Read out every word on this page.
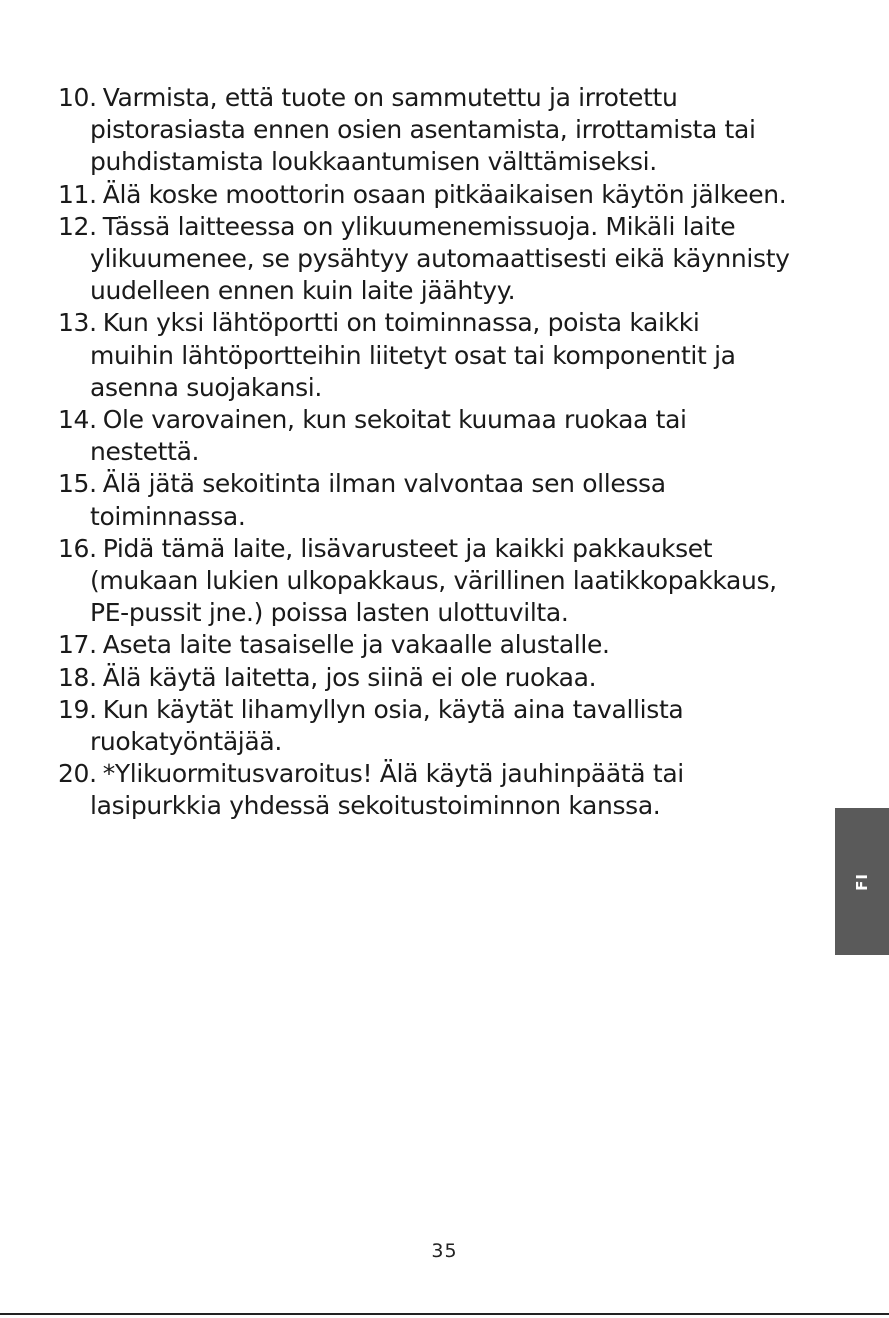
10. Varmista, että tuote on sammutettu ja irrotettu
pistorasiasta ennen osien asentamista, irrottamista tai
puhdistamista loukkaantumisen välttämiseksi.
11. Älä koske moottorin osaan pitkäaikaisen käytön jälkeen.
12. Tässä laitteessa on ylikuumenemissuoja. Mikäli laite
ylikuumenee, se pysähtyy automaattisesti eikä käynnisty
uudelleen ennen kuin laite jäähtyy.
13. Kun yksi lähtöportti on toiminnassa, poista kaikki
muihin lähtöportteihin liitetyt osat tai komponentit ja
asenna suojakansi.
14. Ole varovainen, kun sekoitat kuumaa ruokaa tai
nestettä.
15. Älä jätä sekoitinta ilman valvontaa sen ollessa
toiminnassa.
16. Pidä tämä laite, lisävarusteet ja kaikki pakkaukset
(mukaan lukien ulkopakkaus, värillinen laatikkopakkaus,
PE-pussit jne.) poissa lasten ulottuvilta.
17. Aseta laite tasaiselle ja vakaalle alustalle.
18. Älä käytä laitetta, jos siinä ei ole ruokaa.
19. Kun käytät lihamyllyn osia, käytä aina tavallista
ruokatyöntäjää.
20. *Ylikuormitusvaroitus! Älä käytä jauhinpäätä tai
lasipurkkia yhdessä sekoitustoiminnon kanssa.
FI
35
